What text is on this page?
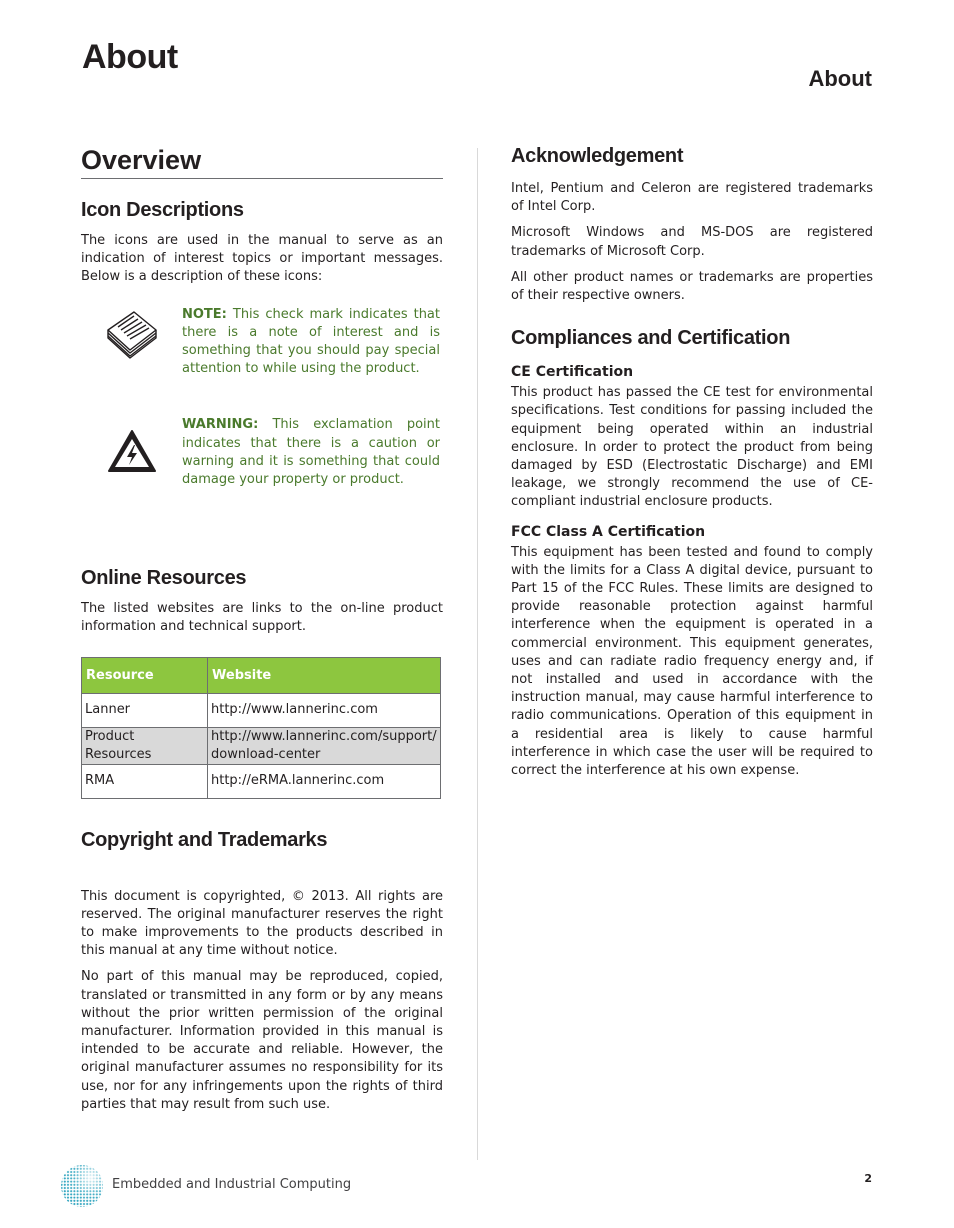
About
About
Overview
Icon Descriptions

The icons are used in the manual to serve as an indication of interest topics or important messages. Below is a description of these icons:

NOTE: This check mark indicates that there is a note of interest and is something that you should pay special attention to while using the product.
WARNING: This exclamation point indicates that there is a caution or warning and it is something that could damage your property or product.
Online Resources

The listed websites are links to the on-line product information and technical support.

Resource	Website
Lanner	http://www.lannerinc.com
Product Resources	http://www.lannerinc.com/support/download-center
RMA	http://eRMA.lannerinc.com
Copyright and Trademarks

This document is copyrighted, © 2013. All rights are reserved. The original manufacturer reserves the right to make improvements to the products described in this manual at any time without notice.

No part of this manual may be reproduced, copied, translated or transmitted in any form or by any means without the prior written permission of the original manufacturer. Information provided in this manual is intended to be accurate and reliable. However, the original manufacturer assumes no responsibility for its use, nor for any infringements upon the rights of third parties that may result from such use.

Acknowledgement

Intel, Pentium and Celeron are registered trademarks of Intel Corp.

Microsoft Windows and MS-DOS are registered trademarks of Microsoft Corp.

All other product names or trademarks are properties of their respective owners.

Compliances and Certification
CE Certification

This product has passed the CE test for environmental specifications. Test conditions for passing included the equipment being operated within an industrial enclosure. In order to protect the product from being damaged by ESD (Electrostatic Discharge) and EMI leakage, we strongly recommend the use of CE-compliant industrial enclosure products.

FCC Class A Certification

This equipment has been tested and found to comply with the limits for a Class A digital device, pursuant to Part 15 of the FCC Rules. These limits are designed to provide reasonable protection against harmful interference when the equipment is operated in a commercial environment. This equipment generates, uses and can radiate radio frequency energy and, if not installed and used in accordance with the instruction manual, may cause harmful interference to radio communications. Operation of this equipment in a residential area is likely to cause harmful interference in which case the user will be required to correct the interference at his own expense.

Embedded and Industrial Computing	2
